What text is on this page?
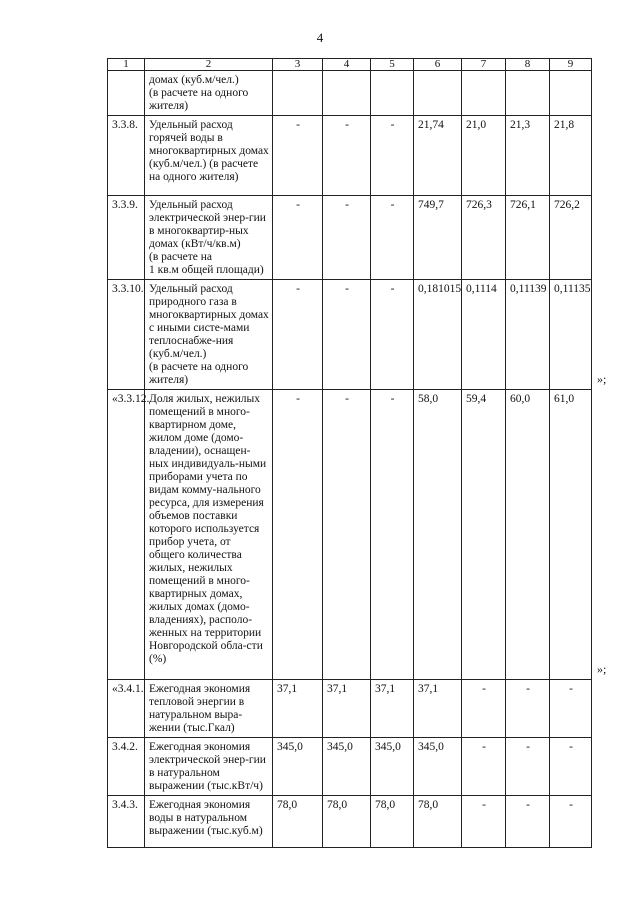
4
1	2	3	4	5	6	7	8	9
	домах (куб.м/чел.)
(в расчете на одного жителя)							
3.3.8.	Удельный расход горячей воды в многоквартирных домах (куб.м/чел.) (в расчете на одного жителя)	-	-	-	21,74	21,0	21,3	21,8
3.3.9.	Удельный расход электрической энер-гии в многоквартир-ных домах (кВт/ч/кв.м)
(в расчете на
1 кв.м общей площади)	-	-	-	749,7	726,3	726,1	726,2
3.3.10.	Удельный расход природного газа в многоквартирных домах с иными систе-мами теплоснабже-ния (куб.м/чел.)
(в расчете на одного жителя)	-	-	-	0,181015	0,1114	0,11139	0,11135
«3.3.12.	Доля жилых, нежилых помещений в много-квартирном доме, жилом доме (домо-владении), оснащен-ных индивидуаль-ными приборами учета по видам комму-нального ресурса, для измерения объемов поставки которого используется прибор учета, от общего количества жилых, нежилых помещений в много-квартирных домах, жилых домах (домо-владениях), располо-женных на территории Новгородской обла-сти (%)	-	-	-	58,0	59,4	60,0	61,0
«3.4.1.	Ежегодная экономия тепловой энергии в натуральном выра-жении (тыс.Гкал)	37,1	37,1	37,1	37,1	-	-	-
3.4.2.	Ежегодная экономия электрической энер-гии в натуральном выражении (тыс.кВт/ч)	345,0	345,0	345,0	345,0	-	-	-
3.4.3.	Ежегодная экономия воды в натуральном выражении (тыс.куб.м)	78,0	78,0	78,0	78,0	-	-	-
»;
»;
